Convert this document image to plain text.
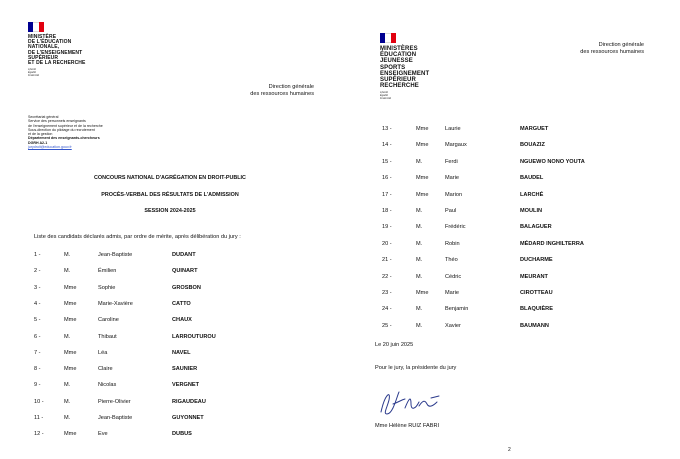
MINISTÈRE
DE L'ÉDUCATION
NATIONALE,
DE L'ENSEIGNEMENT
SUPÉRIEUR
ET DE LA RECHERCHE
Liberté
Égalité
Fraternité
Direction générale
des ressources humaines
Secrétariat général
Service des personnels enseignants
de l'enseignement supérieur et de la recherche
Sous-direction du pilotage du recrutement
et de la gestion
Département des enseignants-chercheurs
DGRH A2-1
jurydroit@education.gouv.fr
CONCOURS NATIONAL D'AGRÉGATION EN DROIT-PUBLIC
PROCÈS-VERBAL DES RÉSULTATS DE L'ADMISSION
SESSION 2024-2025
Liste des candidats déclarés admis, par ordre de mérite, après délibération du jury :
1 -	M.	Jean-Baptiste	DUDANT
2 -	M.	Émilien	QUINART
3 -	Mme	Sophie	GROSBON
4 -	Mme	Marie-Xavière	CATTO
5 -	Mme	Caroline	CHAUX
6 -	M.	Thibaut	LARROUTUROU
7 -	Mme	Léa	NAVEL
8 -	Mme	Claire	SAUNIER
9 -	M.	Nicolas	VERGNET
10 -	M.	Pierre-Olivier	RIGAUDEAU
11 -	M.	Jean-Baptiste	GUYONNET
12 -	Mme	Eve	DUBUS
MINISTÈRES
ÉDUCATION
JEUNESSE
SPORTS
ENSEIGNEMENT
SUPÉRIEUR
RECHERCHE
Liberté
Égalité
Fraternité
Direction générale
des ressources humaines
13 -	Mme	Laurie	MARGUET
14 -	Mme	Margaux	BOUAZIZ
15 -	M.	Ferdi	NGUEWO NONO YOUTA
16 -	Mme	Marie	BAUDEL
17 -	Mme	Marion	LARCHÉ
18 -	M.	Paul	MOULIN
19 -	M.	Frédéric	BALAGUER
20 -	M.	Robin	MÉDARD INGHILTERRA
21 -	M.	Théo	DUCHARME
22 -	M.	Cédric	MEURANT
23 -	Mme	Marie	CIROTTEAU
24 -	M.	Benjamin	BLAQUIÈRE
25 -	M.	Xavier	BAUMANN
Le 20 juin 2025
Pour le jury, la présidente du jury
Mme Hélène RUIZ FABRI
2
